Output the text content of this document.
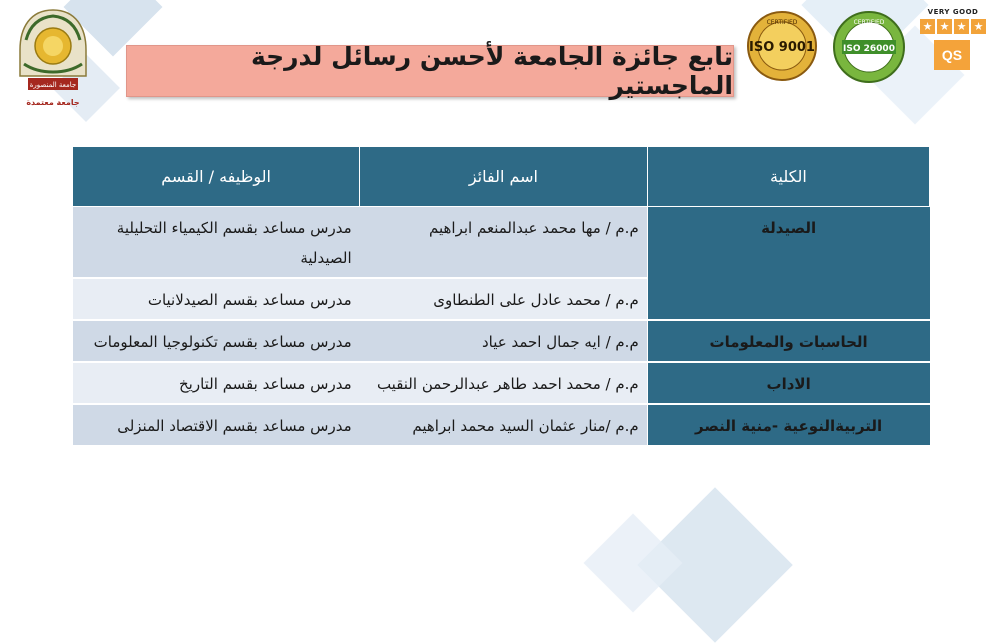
جامعة المنصورة
جامعة معتمدة
تابع جائزة الجامعة لأحسن رسائل لدرجة الماجستير
CERTIFIED
ISO 9001
CERTIFIED
ISO 26000
VERY GOOD
★ ★ ★ ★
QS
الكلية	اسم الفائز	الوظيفه / القسم
الصيدلة	م.م / مها محمد عبدالمنعم ابراهيم	مدرس مساعد بقسم الكيمياء التحليلية الصيدلية
	م.م / محمد عادل على الطنطاوى	مدرس مساعد بقسم الصيدلانيات
الحاسبات والمعلومات	م.م / ايه جمال احمد عياد	مدرس مساعد بقسم تكنولوجيا المعلومات
الاداب	م.م / محمد احمد طاهر عبدالرحمن النقيب	مدرس مساعد بقسم التاريخ
التربيةالنوعية -منية النصر	م.م /منار عثمان السيد محمد ابراهيم	مدرس مساعد بقسم الاقتصاد المنزلى
